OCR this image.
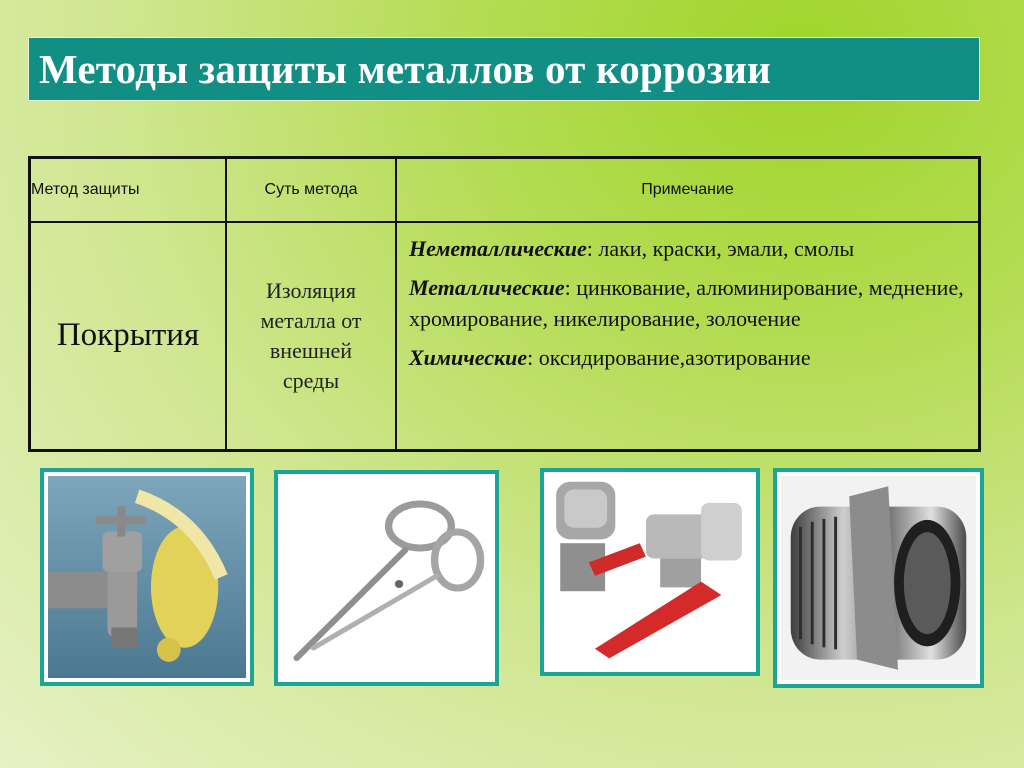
Методы защиты металлов от коррозии
Метод защиты	Суть метода	Примечание
Покрытия	Изоляция металла от внешней среды	Неметаллические: лаки, краски, эмали, смолы

Металлические: цинкование, алюминирование, меднение, хромирование, никелирование, золочение

Химические: оксидирование,азотирование
